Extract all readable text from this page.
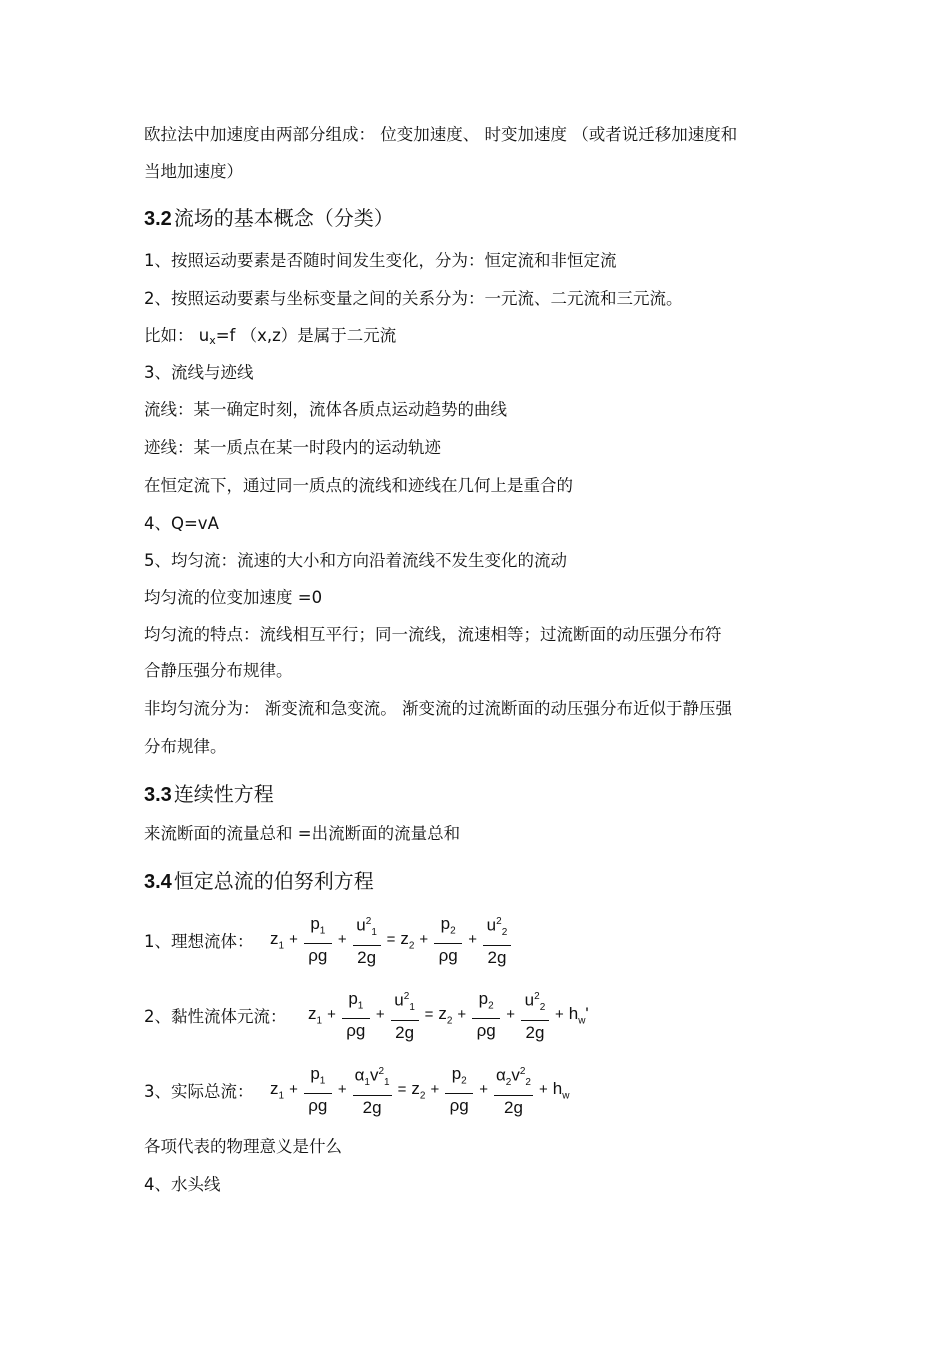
欧拉法中加速度由两部分组成： 位变加速度、 时变加速度 （或者说迁移加速度和
当地加速度）
3.2 流场的基本概念（分类）
1、按照运动要素是否随时间发生变化，分为：恒定流和非恒定流
2、按照运动要素与坐标变量之间的关系分为：一元流、二元流和三元流。
比如： ux=f （x,z）是属于二元流
3、流线与迹线
流线：某一确定时刻，流体各质点运动趋势的曲线
迹线：某一质点在某一时段内的运动轨迹
在恒定流下，通过同一质点的流线和迹线在几何上是重合的
4、Q=vA
5、均匀流：流速的大小和方向沿着流线不发生变化的流动
均匀流的位变加速度 =0
均匀流的特点：流线相互平行；同一流线，流速相等；过流断面的动压强分布符
合静压强分布规律。
非均匀流分为： 渐变流和急变流。 渐变流的过流断面的动压强分布近似于静压强
分布规律。
3.3 连续性方程
来流断面的流量总和 =出流断面的流量总和
3.4 恒定总流的伯努利方程
1、理想流体： $z_1 + \frac{p_1}{\rho g} + \frac{u^2_1}{2g} = z_2 + \frac{p_2}{\rho g} + \frac{u^2_2}{2g}$
2、黏性流体元流：	$z_1 + \frac{p_1}{\rho g} + \frac{u^2_1}{2g} = z_2 + \frac{p_2}{\rho g} + \frac{u^2_2}{2g} + h_w'$
3、实际总流： $z_1 + \frac{p_1}{\rho g} + \frac{\alpha_1v^2_1}{2g} = z_2 + \frac{p_2}{\rho g} + \frac{\alpha_2v^2_2}{2g} + h_w$
各项代表的物理意义是什么
4、水头线
